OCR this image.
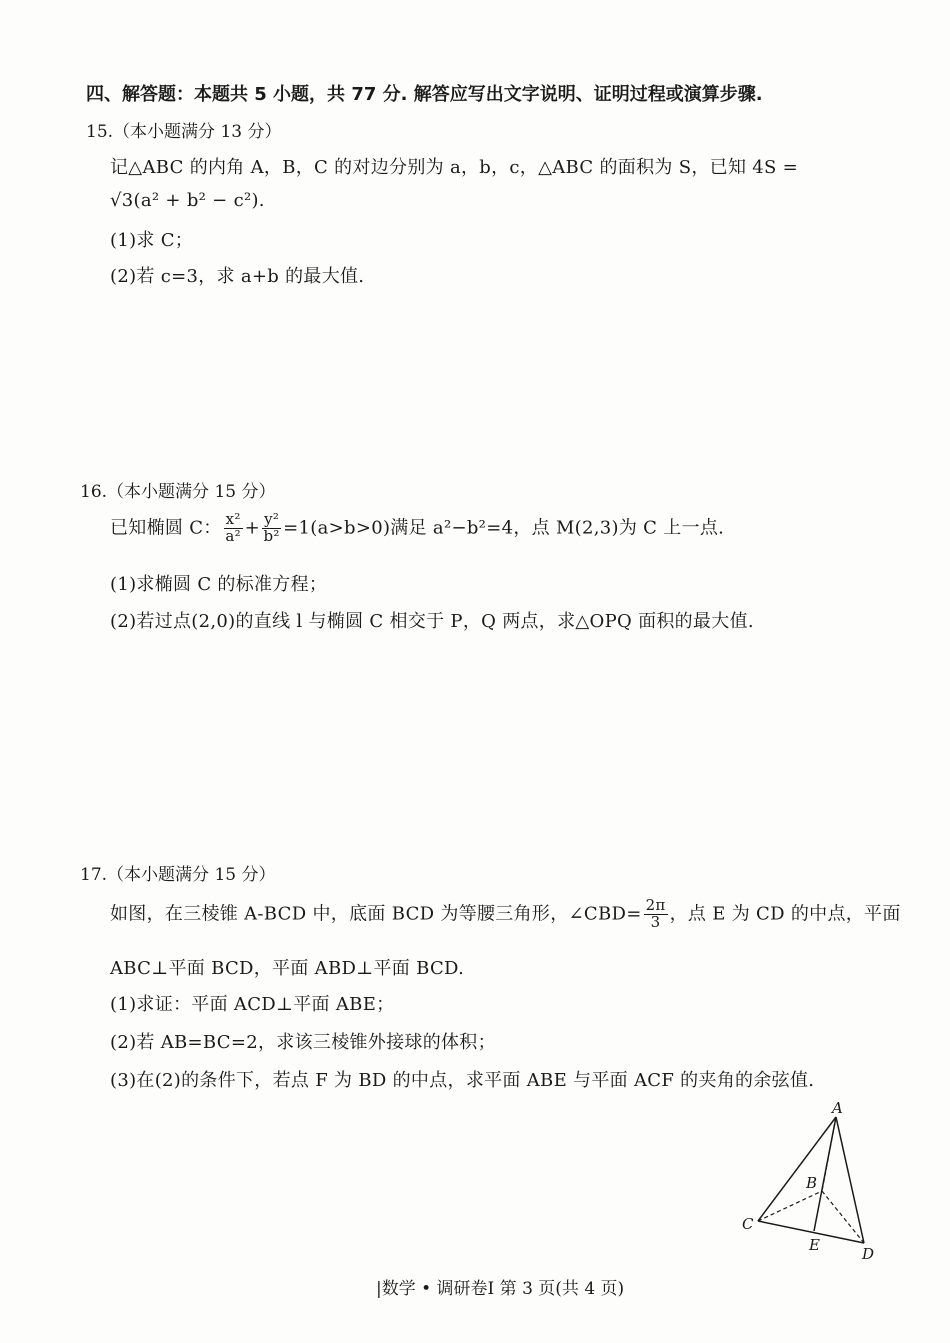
四、解答题：本题共 5 小题，共 77 分. 解答应写出文字说明、证明过程或演算步骤.
15.（本小题满分 13 分）
记△ABC 的内角 A，B，C 的对边分别为 a，b，c，△ABC 的面积为 S，已知 4S =
√3(a² + b² − c²).
(1)求 C；
(2)若 c=3，求 a+b 的最大值.
16.（本小题满分 15 分）
已知椭圆 C： $\frac{\text{x²}}{\text{a²}} + \frac{\text{y²}}{\text{b²}} =1(a>b>0)$满足 a²−b²=4，点 M(2,3)为 C 上一点.
(1)求椭圆 C 的标准方程；
(2)若过点(2,0)的直线 l 与椭圆 C 相交于 P，Q 两点，求△OPQ 面积的最大值.
17.（本小题满分 15 分）
如图，在三棱锥 A-BCD 中，底面 BCD 为等腰三角形，∠CBD= $\frac{2\pi}{3}$ ，点 E 为 CD 的中点，平面
ABC⊥平面 BCD，平面 ABD⊥平面 BCD.
(1)求证：平面 ACD⊥平面 ABE；
(2)若 AB=BC=2，求该三棱锥外接球的体积；
(3)在(2)的条件下，若点 F 为 BD 的中点，求平面 ABE 与平面 ACF 的夹角的余弦值.
A
B
C
D
E
|数学 • 调研卷Ⅰ 第 3 页(共 4 页)
